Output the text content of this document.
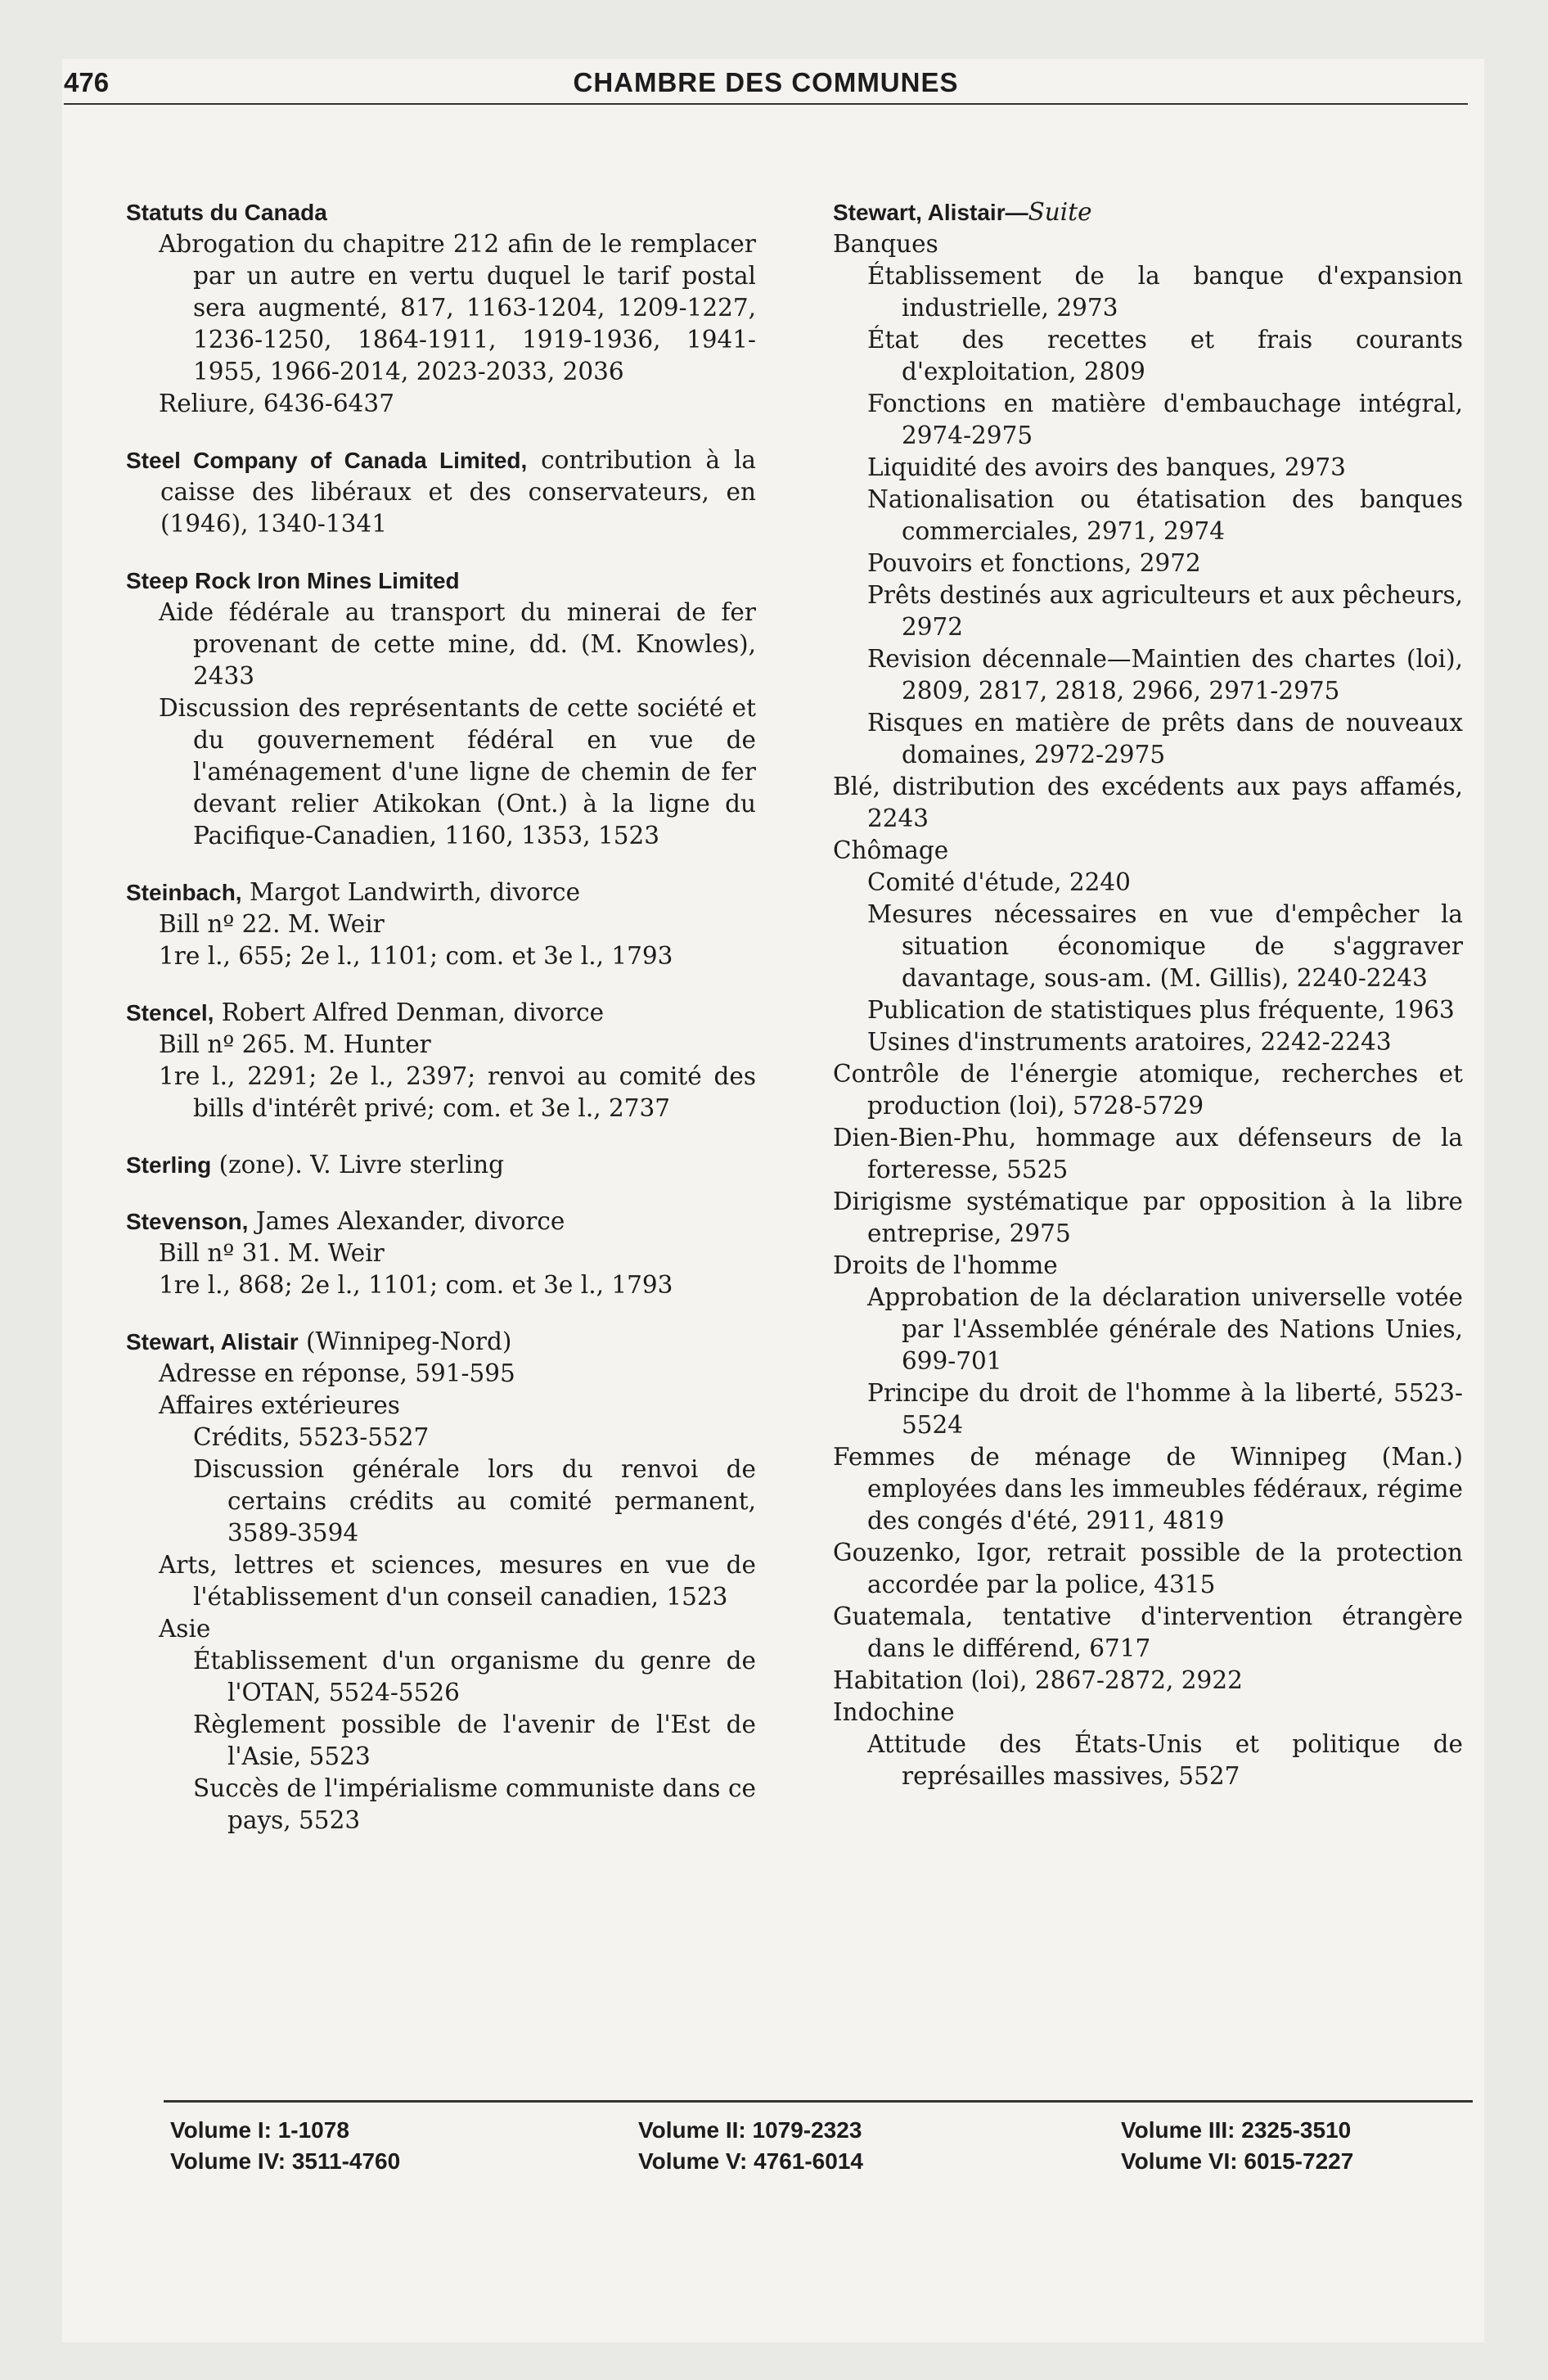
476	CHAMBRE DES COMMUNES
Statuts du Canada
Abrogation du chapitre 212 afin de le remplacer par un autre en vertu duquel le tarif postal sera augmenté, 817, 1163-1204, 1209-1227, 1236-1250, 1864-1911, 1919-1936, 1941-1955, 1966-2014, 2023-2033, 2036
Reliure, 6436-6437
Steel Company of Canada Limited, contribution à la caisse des libéraux et des conservateurs, en (1946), 1340-1341
Steep Rock Iron Mines Limited
Aide fédérale au transport du minerai de fer provenant de cette mine, dd. (M. Knowles), 2433
Discussion des représentants de cette société et du gouvernement fédéral en vue de l'aménagement d'une ligne de chemin de fer devant relier Atikokan (Ont.) à la ligne du Pacifique-Canadien, 1160, 1353, 1523
Steinbach, Margot Landwirth, divorce
Bill nº 22. M. Weir
1re l., 655; 2e l., 1101; com. et 3e l., 1793
Stencel, Robert Alfred Denman, divorce
Bill nº 265. M. Hunter
1re l., 2291; 2e l., 2397; renvoi au comité des bills d'intérêt privé; com. et 3e l., 2737
Sterling (zone). V. Livre sterling
Stevenson, James Alexander, divorce
Bill nº 31. M. Weir
1re l., 868; 2e l., 1101; com. et 3e l., 1793
Stewart, Alistair (Winnipeg-Nord)
Adresse en réponse, 591-595
Affaires extérieures
Crédits, 5523-5527
Discussion générale lors du renvoi de certains crédits au comité permanent, 3589-3594
Arts, lettres et sciences, mesures en vue de l'établissement d'un conseil canadien, 1523
Asie
Établissement d'un organisme du genre de l'OTAN, 5524-5526
Règlement possible de l'avenir de l'Est de l'Asie, 5523
Succès de l'impérialisme communiste dans ce pays, 5523
Stewart, Alistair—Suite
Banques
Établissement de la banque d'expansion industrielle, 2973
État des recettes et frais courants d'exploitation, 2809
Fonctions en matière d'embauchage intégral, 2974-2975
Liquidité des avoirs des banques, 2973
Nationalisation ou étatisation des banques commerciales, 2971, 2974
Pouvoirs et fonctions, 2972
Prêts destinés aux agriculteurs et aux pêcheurs, 2972
Revision décennale—Maintien des chartes (loi), 2809, 2817, 2818, 2966, 2971-2975
Risques en matière de prêts dans de nouveaux domaines, 2972-2975
Blé, distribution des excédents aux pays affamés, 2243
Chômage
Comité d'étude, 2240
Mesures nécessaires en vue d'empêcher la situation économique de s'aggraver davantage, sous-am. (M. Gillis), 2240-2243
Publication de statistiques plus fréquente, 1963
Usines d'instruments aratoires, 2242-2243
Contrôle de l'énergie atomique, recherches et production (loi), 5728-5729
Dien-Bien-Phu, hommage aux défenseurs de la forteresse, 5525
Dirigisme systématique par opposition à la libre entreprise, 2975
Droits de l'homme
Approbation de la déclaration universelle votée par l'Assemblée générale des Nations Unies, 699-701
Principe du droit de l'homme à la liberté, 5523-5524
Femmes de ménage de Winnipeg (Man.) employées dans les immeubles fédéraux, régime des congés d'été, 2911, 4819
Gouzenko, Igor, retrait possible de la protection accordée par la police, 4315
Guatemala, tentative d'intervention étrangère dans le différend, 6717
Habitation (loi), 2867-2872, 2922
Indochine
Attitude des États-Unis et politique de représailles massives, 5527
Volume I: 1-1078	Volume II: 1079-2323	Volume III: 2325-3510
Volume IV: 3511-4760	Volume V: 4761-6014	Volume VI: 6015-7227
